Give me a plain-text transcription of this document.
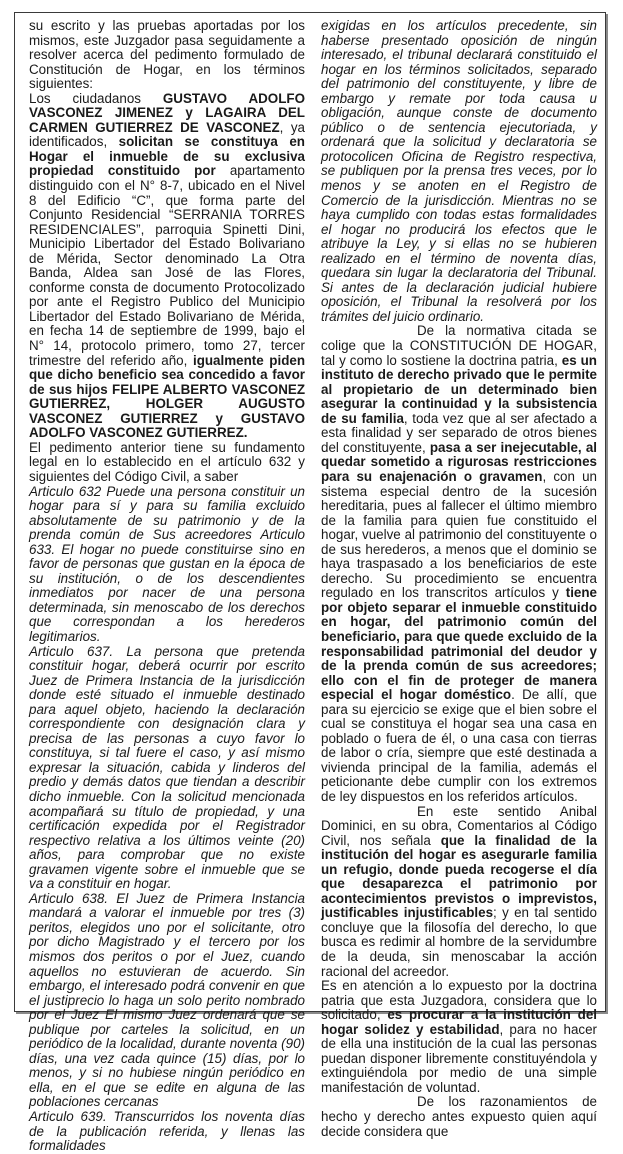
su escrito y las pruebas aportadas por los mismos, este Juzgador pasa seguidamente a resolver acerca del pedimento formulado de Constitución de Hogar, en los términos siguientes:

Los ciudadanos GUSTAVO ADOLFO VASCONEZ JIMENEZ y LAGAIRA DEL CARMEN GUTIERREZ DE VASCONEZ, ya identificados, solicitan se constituya en Hogar el inmueble de su exclusiva propiedad constituido por apartamento distinguido con el N° 8-7, ubicado en el Nivel 8 del Edificio “C”, que forma parte del Conjunto Residencial “SERRANIA TORRES RESIDENCIALES”, parroquia Spinetti Dini, Municipio Libertador del Estado Bolivariano de Mérida, Sector denominado La Otra Banda, Aldea san José de las Flores, conforme consta de documento Protocolizado por ante el Registro Publico del Municipio Libertador del Estado Bolivariano de Mérida, en fecha 14 de septiembre de 1999, bajo el N° 14, protocolo primero, tomo 27, tercer trimestre del referido año, igualmente piden que dicho beneficio sea concedido a favor de sus hijos FELIPE ALBERTO VASCONEZ GUTIERREZ, HOLGER AUGUSTO VASCONEZ GUTIERREZ y GUSTAVO ADOLFO VASCONEZ GUTIERREZ.

El pedimento anterior tiene su fundamento legal en lo establecido en el artículo 632 y siguientes del Código Civil, a saber

Articulo 632 Puede una persona constituir un hogar para sí y para su familia excluido absolutamente de su patrimonio y de la prenda común de Sus acreedores Articulo 633. El hogar no puede constituirse sino en favor de personas que gustan en la época de su institución, o de los descendientes inmediatos por nacer de una persona determinada, sin menoscabo de los derechos que correspondan a los herederos legitimarios.

Articulo 637. La persona que pretenda constituir hogar, deberá ocurrir por escrito Juez de Primera Instancia de la jurisdicción donde esté situado el inmueble destinado para aquel objeto, haciendo la declaración correspondiente con designación clara y precisa de las personas a cuyo favor lo constituya, si tal fuere el caso, y así mismo expresar la situación, cabida y linderos del predio y demás datos que tiendan a describir dicho inmueble. Con la solicitud mencionada acompañará su título de propiedad, y una certificación expedida por el Registrador respectivo relativa a los últimos veinte (20) años, para comprobar que no existe gravamen vigente sobre el inmueble que se va a constituir en hogar.

Articulo 638. El Juez de Primera Instancia mandará a valorar el inmueble por tres (3) peritos, elegidos uno por el solicitante, otro por dicho Magistrado y el tercero por los mismos dos peritos o por el Juez, cuando aquellos no estuvieran de acuerdo. Sin embargo, el interesado podrá convenir en que el justiprecio lo haga un solo perito nombrado por el Juez El mismo Juez ordenará que se publique por carteles la solicitud, en un periódico de la localidad, durante noventa (90) días, una vez cada quince (15) días, por lo menos, y si no hubiese ningún periódico en ella, en el que se edite en alguna de las poblaciones cercanas

Articulo 639. Transcurridos los noventa días de la publicación referida, y llenas las formalidades

exigidas en los artículos precedente, sin haberse presentado oposición de ningún interesado, el tribunal declarará constituido el hogar en los términos solicitados, separado del patrimonio del constituyente, y libre de embargo y remate por toda causa u obligación, aunque conste de documento público o de sentencia ejecutoriada, y ordenará que la solicitud y declaratoria se protocolicen Oficina de Registro respectiva, se publiquen por la prensa tres veces, por lo menos y se anoten en el Registro de Comercio de la jurisdicción. Mientras no se haya cumplido con todas estas formalidades el hogar no producirá los efectos que le atribuye la Ley, y si ellas no se hubieren realizado en el término de noventa días, quedara sin lugar la declaratoria del Tribunal. Si antes de la declaración judicial hubiere oposición, el Tribunal la resolverá por los trámites del juicio ordinario.

De la normativa citada se colige que la CONSTITUCIÓN DE HOGAR, tal y como lo sostiene la doctrina patria, es un instituto de derecho privado que le permite al propietario de un determinado bien asegurar la continuidad y la subsistencia de su familia, toda vez que al ser afectado a esta finalidad y ser separado de otros bienes del constituyente, pasa a ser inejecutable, al quedar sometido a rigurosas restricciones para su enajenación o gravamen, con un sistema especial dentro de la sucesión hereditaria, pues al fallecer el último miembro de la familia para quien fue constituido el hogar, vuelve al patrimonio del constituyente o de sus herederos, a menos que el dominio se haya traspasado a los beneficiarios de este derecho. Su procedimiento se encuentra regulado en los transcritos artículos y tiene por objeto separar el inmueble constituido en hogar, del patrimonio común del beneficiario, para que quede excluido de la responsabilidad patrimonial del deudor y de la prenda común de sus acreedores; ello con el fin de proteger de manera especial el hogar doméstico. De allí, que para su ejercicio se exige que el bien sobre el cual se constituya el hogar sea una casa en poblado o fuera de él, o una casa con tierras de labor o cría, siempre que esté destinada a vivienda principal de la familia, además el peticionante debe cumplir con los extremos de ley dispuestos en los referidos artículos.

En este sentido Anibal Dominici, en su obra, Comentarios al Código Civil, nos señala que la finalidad de la institución del hogar es asegurarle familia un refugio, donde pueda recogerse el día que desaparezca el patrimonio por acontecimientos previstos o imprevistos, justificables injustificables; y en tal sentido concluye que la filosofía del derecho, lo que busca es redimir al hombre de la servidumbre de la deuda, sin menoscabar la acción racional del acreedor.

Es en atención a lo expuesto por la doctrina patria que esta Juzgadora, considera que lo solicitado, es procurar a la institución del hogar solidez y estabilidad, para no hacer de ella una institución de la cual las personas puedan disponer libremente constituyéndola y extinguiéndola por medio de una simple manifestación de voluntad.

De los razonamientos de hecho y derecho antes expuesto quien aquí decide considera que
